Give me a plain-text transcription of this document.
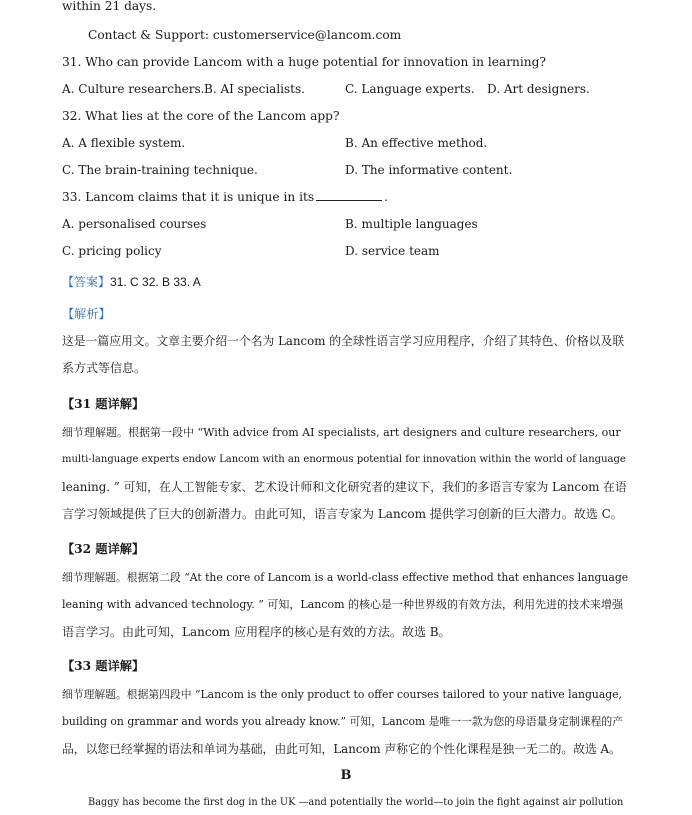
within 21 days.
Contact & Support: customerservice@lancom.com
31. Who can provide Lancom with a huge potential for innovation in learning?
A. Culture researchers. B. AI specialists.	C. Language experts. D. Art designers.
32. What lies at the core of the Lancom app?
A. A flexible system.	B. An effective method.
C. The brain-training technique.	D. The informative content.
33. Lancom claims that it is unique in its	.
A. personalised courses	B. multiple languages
C. pricing policy	D. service team
【答案】31. C 32. B 33. A
【解析】
这是一篇应用文。文章主要介绍一个名为 Lancom 的全球性语言学习应用程序，介绍了其特色、价格以及联
系方式等信息。
【31 题详解】
细节理解题。根据第一段中 “With advice from AI specialists, art designers and culture researchers, our
multi-language experts endow Lancom with an enormous potential for innovation within the world of language
leaning. ” 可知，在人工智能专家、艺术设计师和文化研究者的建议下，我们的多语言专家为 Lancom 在语
言学习领域提供了巨大的创新潜力。由此可知，语言专家为 Lancom 提供学习创新的巨大潜力。故选 C。
【32 题详解】
细节理解题。根据第二段 “At the core of Lancom is a world-class effective method that enhances language
leaning with advanced technology. ” 可知，Lancom 的核心是一种世界级的有效方法，利用先进的技术来增强
语言学习。由此可知，Lancom 应用程序的核心是有效的方法。故选 B。
【33 题详解】
细节理解题。根据第四段中 “Lancom is the only product to offer courses tailored to your native language,
building on grammar and words you already know.” 可知，Lancom 是唯一一款为您的母语量身定制课程的产
品，以您已经掌握的语法和单词为基础，由此可知，Lancom 声称它的个性化课程是独一无二的。故选 A。
B
Baggy has become the first dog in the UK —and potentially the world—to join the fight against air pollution
